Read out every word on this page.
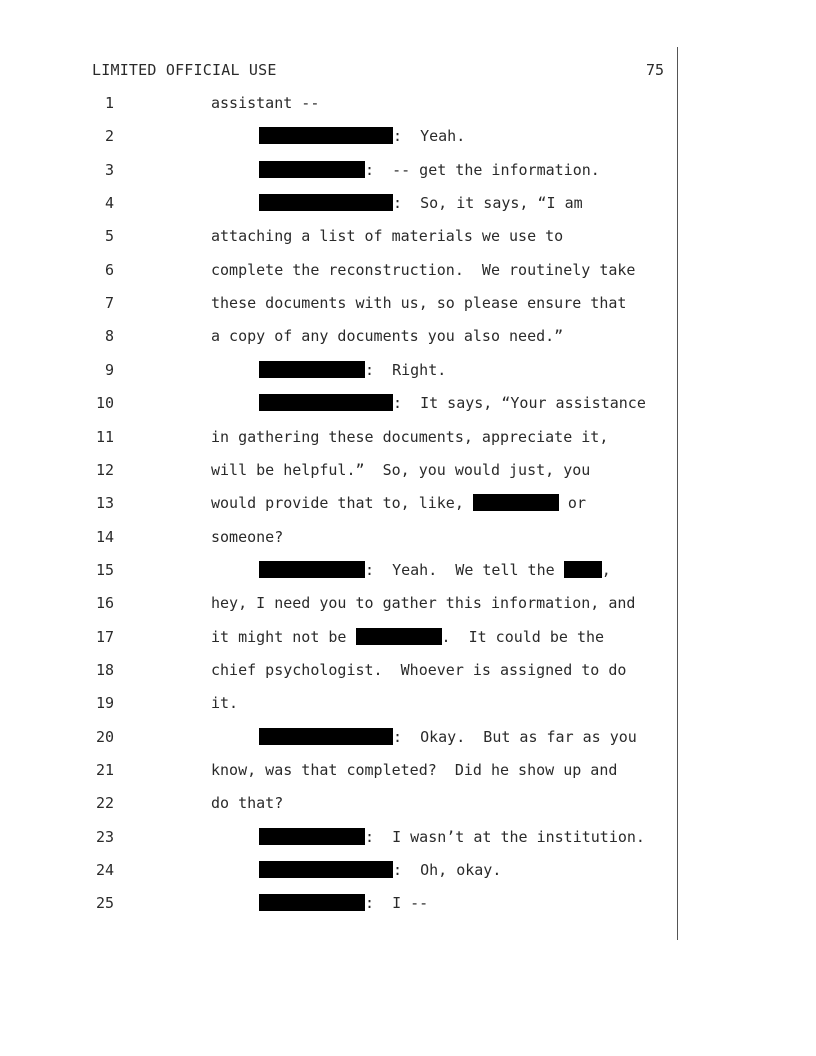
LIMITED OFFICIAL USE	75
1	assistant --
2	:  Yeah.
3	:  -- get the information.
4	:  So, it says, “I am
5	attaching a list of materials we use to
6	complete the reconstruction.  We routinely take
7	these documents with us, so please ensure that
8	a copy of any documents you also need.”
9	:  Right.
10	:  It says, “Your assistance
11	in gathering these documents, appreciate it,
12	will be helpful.”  So, you would just, you
13	would provide that to, like,	or
14	someone?
15	:  Yeah.  We tell the	,
16	hey, I need you to gather this information, and
17	it might not be	.  It could be the
18	chief psychologist.  Whoever is assigned to do
19	it.
20	:  Okay.  But as far as you
21	know, was that completed?  Did he show up and
22	do that?
23	:  I wasn’t at the institution.
24	:  Oh, okay.
25	:  I --
